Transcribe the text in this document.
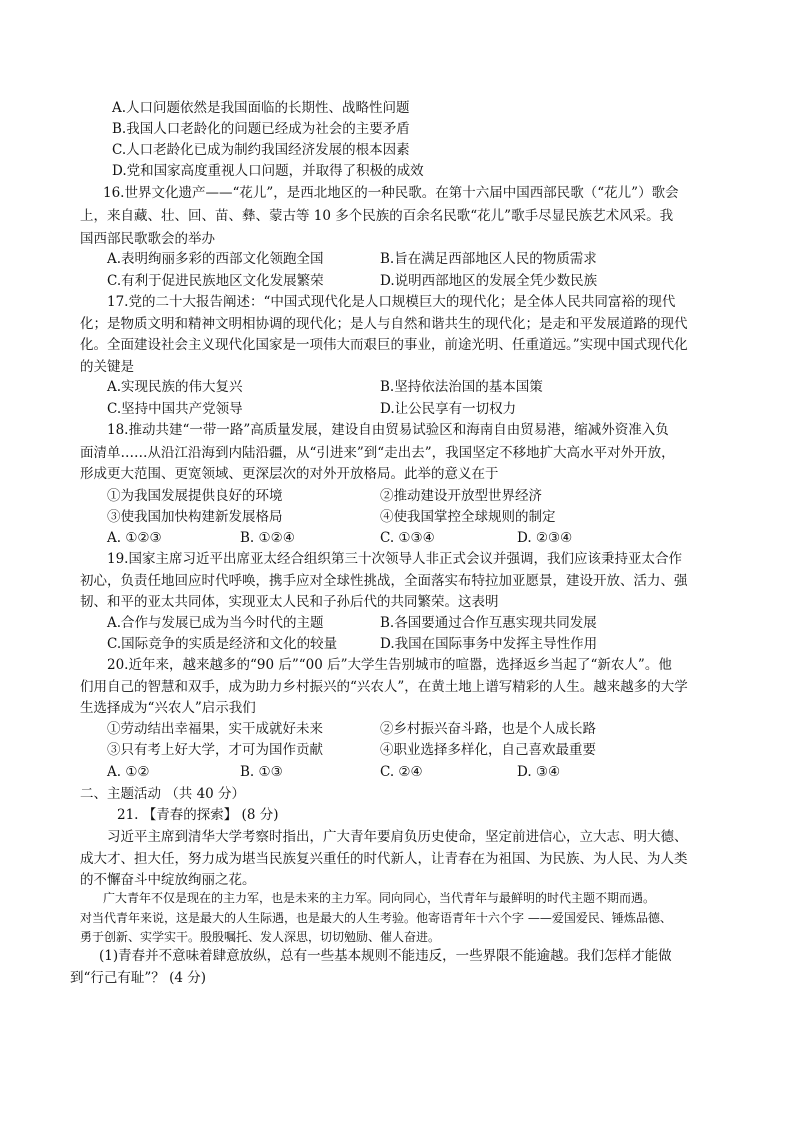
A.人口问题依然是我国面临的长期性、战略性问题
B.我国人口老龄化的问题已经成为社会的主要矛盾
C.人口老龄化已成为制约我国经济发展的根本因素
D.党和国家高度重视人口问题，并取得了积极的成效
16.世界文化遗产——“花儿”，是西北地区的一种民歌。在第十六届中国西部民歌（“花儿”）歌会
上，来自藏、壮、回、苗、彝、蒙古等 10 多个民族的百余名民歌“花儿”歌手尽显民族艺术风采。我
国西部民歌歌会的举办
A.表明绚丽多彩的西部文化领跑全国	B.旨在满足西部地区人民的物质需求
C.有利于促进民族地区文化发展繁荣	D.说明西部地区的发展全凭少数民族
17.党的二十大报告阐述：“中国式现代化是人口规模巨大的现代化；是全体人民共同富裕的现代
化；是物质文明和精神文明相协调的现代化；是人与自然和谐共生的现代化；是走和平发展道路的现代
化。全面建设社会主义现代化国家是一项伟大而艰巨的事业，前途光明、任重道远。”实现中国式现代化
的关键是
A.实现民族的伟大复兴	B.坚持依法治国的基本国策
C.坚持中国共产党领导	D.让公民享有一切权力
18.推动共建“一带一路”高质量发展，建设自由贸易试验区和海南自由贸易港，缩减外资准入负
面清单……从沿江沿海到内陆沿疆，从“引进来”到“走出去”，我国坚定不移地扩大高水平对外开放，
形成更大范围、更宽领域、更深层次的对外开放格局。此举的意义在于
①为我国发展提供良好的环境	②推动建设开放型世界经济
③使我国加快构建新发展格局	④使我国掌控全球规则的制定
A. ①②③	B. ①②④	C. ①③④	D. ②③④
19.国家主席习近平出席亚太经合组织第三十次领导人非正式会议并强调，我们应该秉持亚太合作
初心，负责任地回应时代呼唤，携手应对全球性挑战，全面落实布特拉加亚愿景，建设开放、活力、强
韧、和平的亚太共同体，实现亚太人民和子孙后代的共同繁荣。这表明
A.合作与发展已成为当今时代的主题	B.各国要通过合作互惠实现共同发展
C.国际竞争的实质是经济和文化的较量	D.我国在国际事务中发挥主导性作用
20.近年来，越来越多的“90 后”“00 后”大学生告别城市的喧嚣，选择返乡当起了“新农人”。他
们用自己的智慧和双手，成为助力乡村振兴的“兴农人”，在黄土地上谱写精彩的人生。越来越多的大学
生选择成为“兴农人”启示我们
①劳动结出幸福果，实干成就好未来	②乡村振兴奋斗路，也是个人成长路
③只有考上好大学，才可为国作贡献	④职业选择多样化，自己喜欢最重要
A. ①②	B. ①③	C. ②④	D. ③④
二、主题活动 （共 40 分）
21. 【青春的探索】 (8 分)
习近平主席到清华大学考察时指出，广大青年要肩负历史使命，坚定前进信心，立大志、明大德、
成大才、担大任，努力成为堪当民族复兴重任的时代新人，让青春在为祖国、为民族、为人民、为人类
的不懈奋斗中绽放绚丽之花。
广大青年不仅是现在的主力军，也是未来的主力军。同向同心，当代青年与最鲜明的时代主题不期而遇。
对当代青年来说，这是最大的人生际遇，也是最大的人生考验。他寄语青年十六个字 ——爱国爱民、锤炼品德、
勇于创新、实学实干。殷殷嘱托、发人深思，切切勉励、催人奋进。
(1)青春并不意味着肆意放纵，总有一些基本规则不能违反，一些界限不能逾越。我们怎样才能做
到“行己有耻”？ (4 分)
